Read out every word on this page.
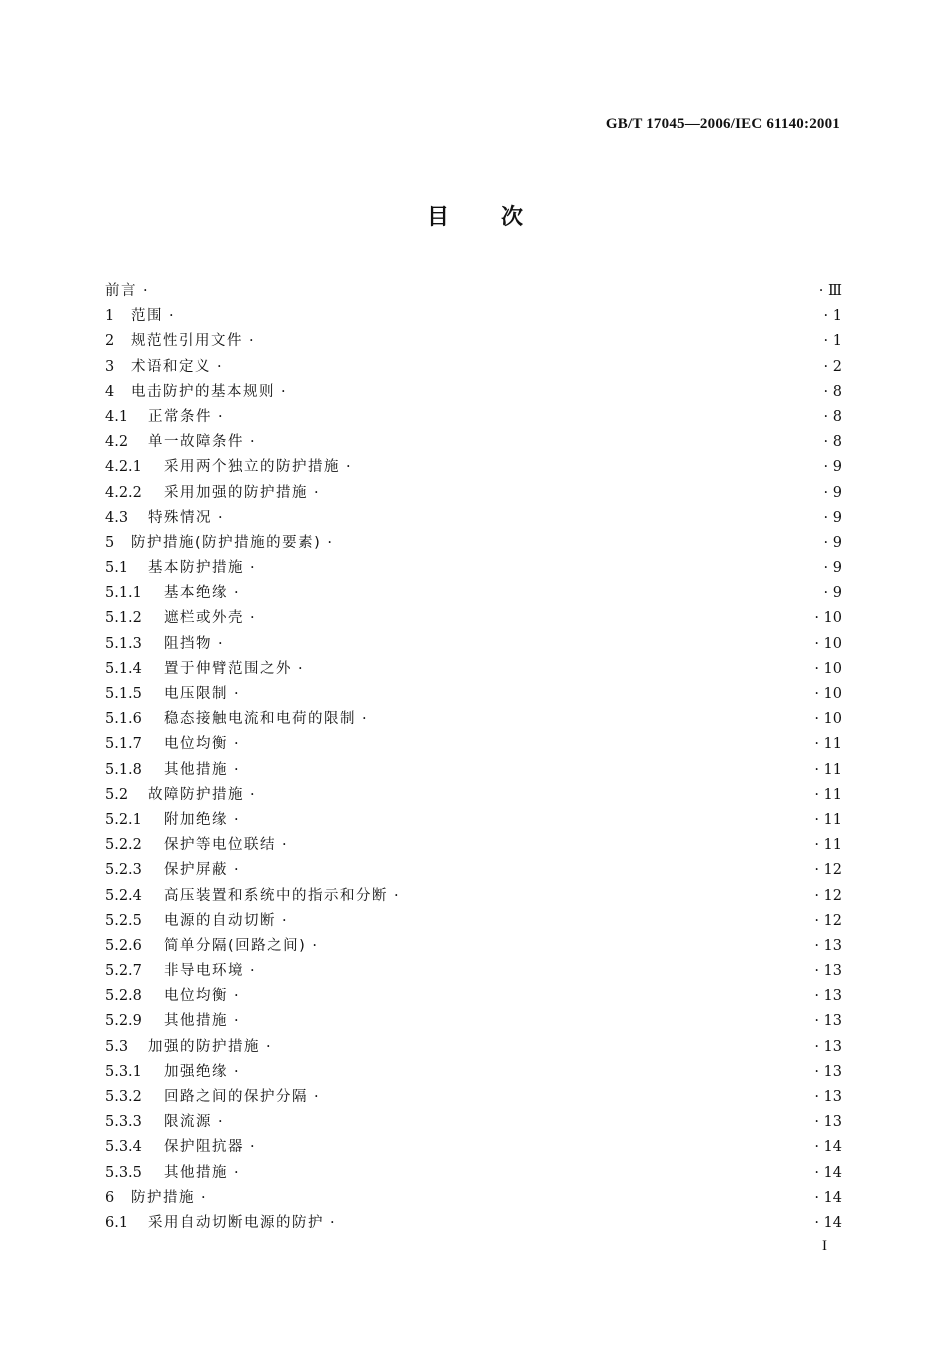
GB/T 17045—2006/IEC 61140:2001
目 次
前言 ·	· Ⅲ
1	范围 ·	· 1
2	规范性引用文件 ·	· 1
3	术语和定义 ·	· 2
4	电击防护的基本规则 ·	· 8
4.1	正常条件 ·	· 8
4.2	单一故障条件 ·	· 8
4.2.1	采用两个独立的防护措施 ·	· 9
4.2.2	采用加强的防护措施 ·	· 9
4.3	特殊情况 ·	· 9
5	防护措施(防护措施的要素) ·	· 9
5.1	基本防护措施 ·	· 9
5.1.1	基本绝缘 ·	· 9
5.1.2	遮栏或外壳 ·	· 10
5.1.3	阻挡物 ·	· 10
5.1.4	置于伸臂范围之外 ·	· 10
5.1.5	电压限制 ·	· 10
5.1.6	稳态接触电流和电荷的限制 ·	· 10
5.1.7	电位均衡 ·	· 11
5.1.8	其他措施 ·	· 11
5.2	故障防护措施 ·	· 11
5.2.1	附加绝缘 ·	· 11
5.2.2	保护等电位联结 ·	· 11
5.2.3	保护屏蔽 ·	· 12
5.2.4	高压装置和系统中的指示和分断 ·	· 12
5.2.5	电源的自动切断 ·	· 12
5.2.6	简单分隔(回路之间) ·	· 13
5.2.7	非导电环境 ·	· 13
5.2.8	电位均衡 ·	· 13
5.2.9	其他措施 ·	· 13
5.3	加强的防护措施 ·	· 13
5.3.1	加强绝缘 ·	· 13
5.3.2	回路之间的保护分隔 ·	· 13
5.3.3	限流源 ·	· 13
5.3.4	保护阻抗器 ·	· 14
5.3.5	其他措施 ·	· 14
6	防护措施 ·	· 14
6.1	采用自动切断电源的防护 ·	· 14
I
